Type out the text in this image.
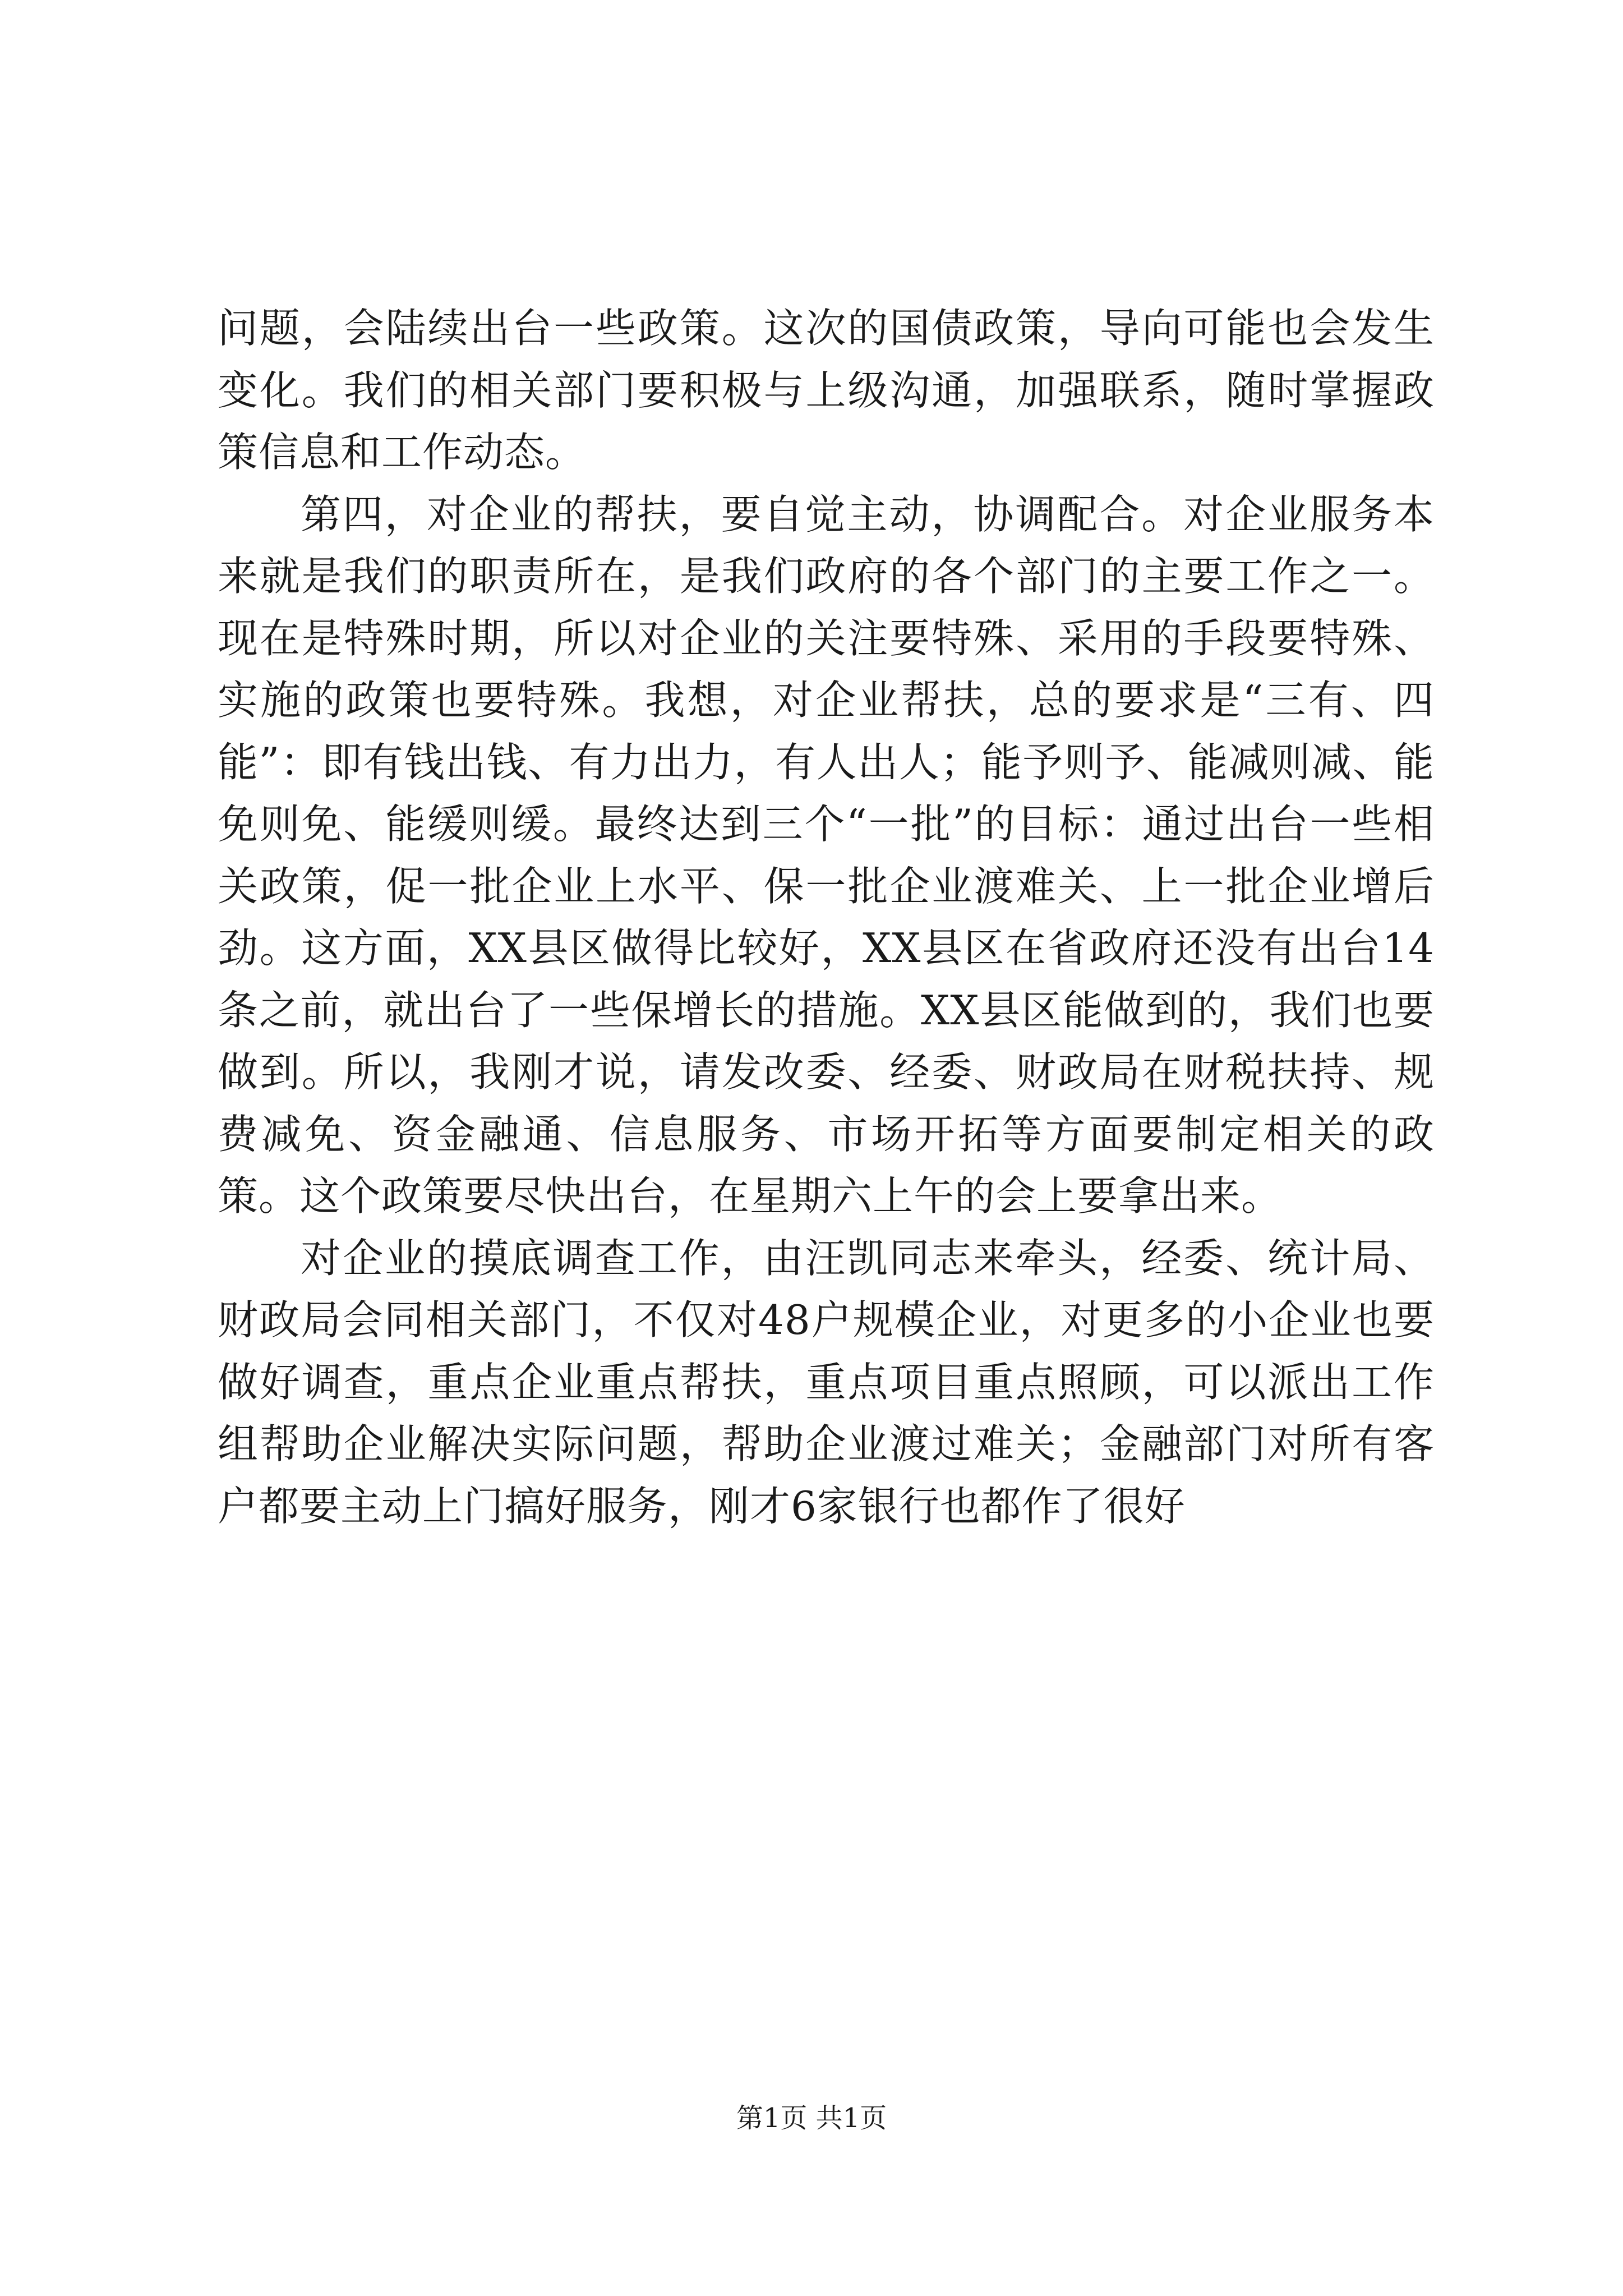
问题，会陆续出台一些政策。这次的国债政策，导向可能也会发生变化。我们的相关部门要积极与上级沟通，加强联系，随时掌握政策信息和工作动态。

第四，对企业的帮扶，要自觉主动，协调配合。对企业服务本来就是我们的职责所在，是我们政府的各个部门的主要工作之一。现在是特殊时期，所以对企业的关注要特殊、采用的手段要特殊、实施的政策也要特殊。我想，对企业帮扶，总的要求是“三有、四能”：即有钱出钱、有力出力，有人出人；能予则予、能减则减、能免则免、能缓则缓。最终达到三个“一批”的目标：通过出台一些相关政策，促一批企业上水平、保一批企业渡难关、上一批企业增后劲。这方面，XX县区做得比较好，XX县区在省政府还没有出台14条之前，就出台了一些保增长的措施。XX县区能做到的，我们也要做到。所以，我刚才说，请发改委、经委、财政局在财税扶持、规费减免、资金融通、信息服务、市场开拓等方面要制定相关的政策。这个政策要尽快出台，在星期六上午的会上要拿出来。

对企业的摸底调查工作，由汪凯同志来牵头，经委、统计局、财政局会同相关部门，不仅对48户规模企业，对更多的小企业也要做好调查，重点企业重点帮扶，重点项目重点照顾，可以派出工作组帮助企业解决实际问题，帮助企业渡过难关；金融部门对所有客户都要主动上门搞好服务，刚才6家银行也都作了很好

第1页 共1页
